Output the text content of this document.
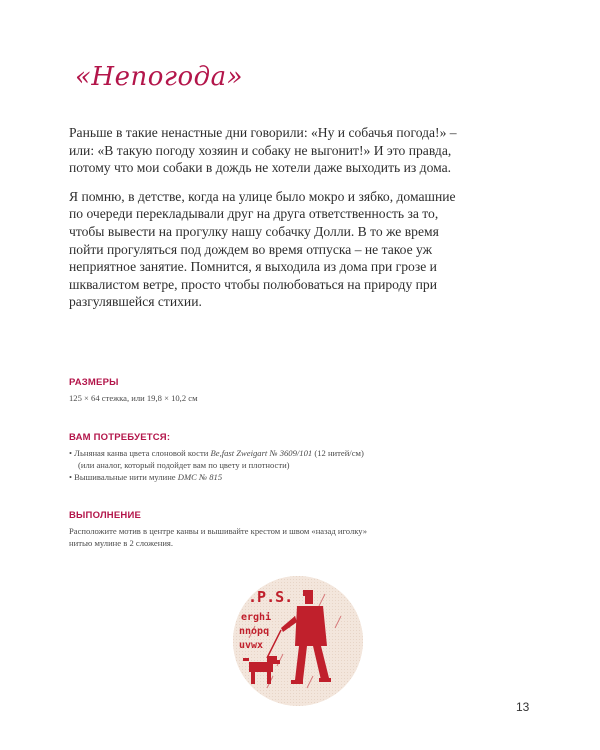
«Непогода»

Раньше в такие ненастные дни говорили: «Ну и собачья погода!» – или: «В такую погоду хозяин и собаку не выгонит!» И это правда, потому что мои собаки в дождь не хотели даже выходить из дома.

Я помню, в детстве, когда на улице было мокро и зябко, домашние по очереди перекладывали друг на друга ответственность за то, чтобы вывести на прогулку нашу собачку Долли. В то же время пойти прогуляться под дождем во время отпуска – не такое уж неприятное занятие. Помнится, я выходила из дома при грозе и шквалистом ветре, просто чтобы полюбоваться на природу при разгулявшейся стихии.

РАЗМЕРЫ
125 × 64 стежка, или 19,8 × 10,2 см
ВАМ ПОТРЕБУЕТСЯ:
• Льняная канва цвета слоновой кости Be,fast Zweigart № 3609/101 (12 нитей/см)
(или аналог, который подойдет вам по цвету и плотности)
• Вышивальные нити мулине DMC № 815
ВЫПОЛНЕНИЕ
Расположите мотив в центре канвы и вышивайте крестом и швом «назад иголку»
нитью мулине в 2 сложения.
r.P.S.
erghi
nnopq
uvwx
13
